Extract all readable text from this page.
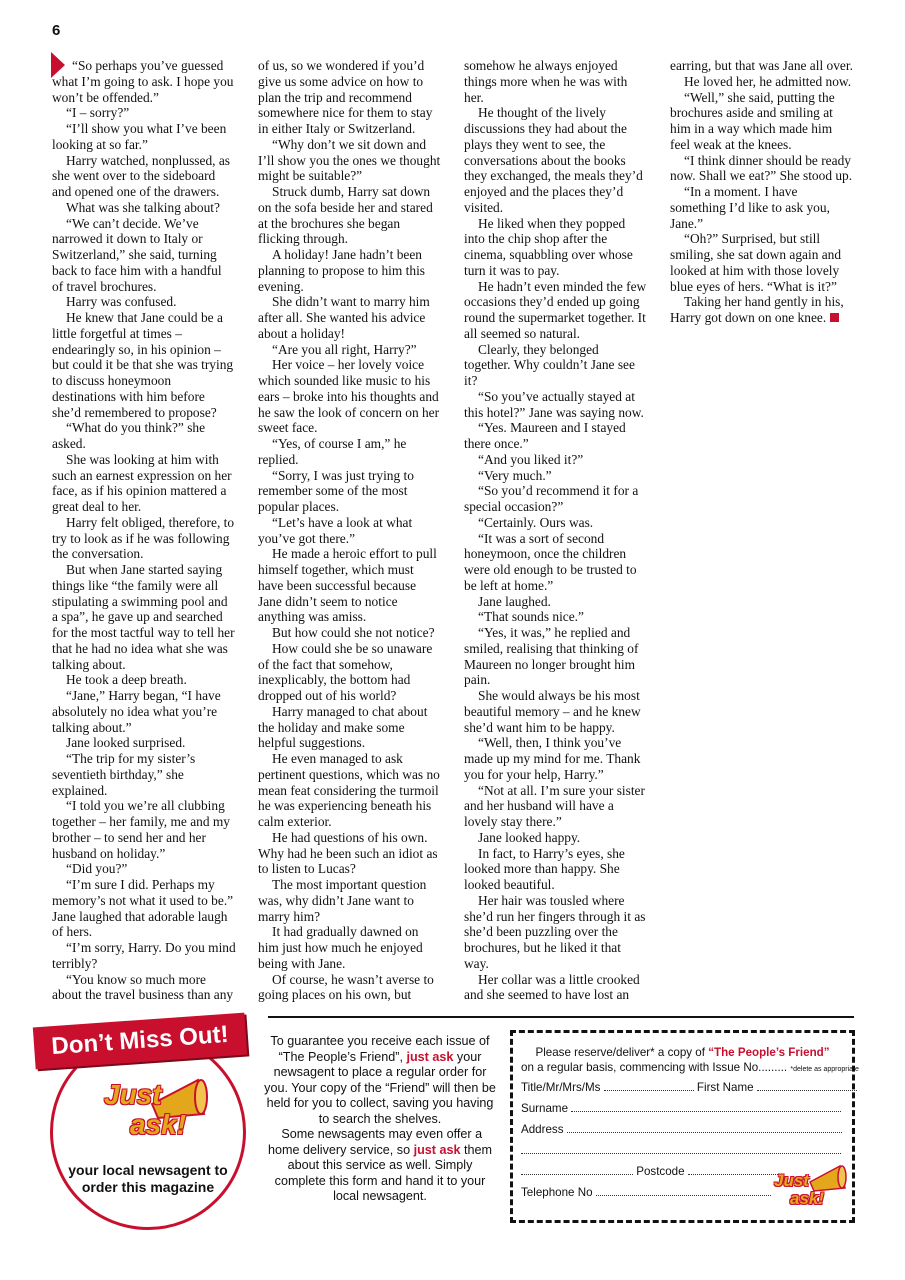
6

“So perhaps you’ve guessed what I’m going to ask. I hope you won’t be offended.”

“I – sorry?”

“I’ll show you what I’ve been looking at so far.”

Harry watched, nonplussed, as she went over to the sideboard and opened one of the drawers.

What was she talking about?

“We can’t decide. We’ve narrowed it down to Italy or Switzerland,” she said, turning back to face him with a handful of travel brochures.

Harry was confused.

He knew that Jane could be a little forgetful at times – endearingly so, in his opinion – but could it be that she was trying to discuss honeymoon destinations with him before she’d remembered to propose?

“What do you think?” she asked.

She was looking at him with such an earnest expression on her face, as if his opinion mattered a great deal to her.

Harry felt obliged, therefore, to try to look as if he was following the conversation.

But when Jane started saying things like “the family were all stipulating a swimming pool and a spa”, he gave up and searched for the most tactful way to tell her that he had no idea what she was talking about.

He took a deep breath.

“Jane,” Harry began, “I have absolutely no idea what you’re talking about.”

Jane looked surprised.

“The trip for my sister’s seventieth birthday,” she explained.

“I told you we’re all clubbing together – her family, me and my brother – to send her and her husband on holiday.”

“Did you?”

“I’m sure I did. Perhaps my memory’s not what it used to be.” Jane laughed that adorable laugh of hers.

“I’m sorry, Harry. Do you mind terribly?

“You know so much more about the travel business than any of us, so we wondered if you’d give us some advice on how to plan the trip and recommend somewhere nice for them to stay in either Italy or Switzerland.

“Why don’t we sit down and I’ll show you the ones we thought might be suitable?”

Struck dumb, Harry sat down on the sofa beside her and stared at the brochures she began flicking through.

A holiday! Jane hadn’t been planning to propose to him this evening.

She didn’t want to marry him after all. She wanted his advice about a holiday!

“Are you all right, Harry?”

Her voice – her lovely voice which sounded like music to his ears – broke into his thoughts and he saw the look of concern on her sweet face.

“Yes, of course I am,” he replied.

“Sorry, I was just trying to remember some of the most popular places.

“Let’s have a look at what you’ve got there.”

He made a heroic effort to pull himself together, which must have been successful because Jane didn’t seem to notice anything was amiss.

But how could she not notice?

How could she be so unaware of the fact that somehow, inexplicably, the bottom had dropped out of his world?

Harry managed to chat about the holiday and make some helpful suggestions.

He even managed to ask pertinent questions, which was no mean feat considering the turmoil he was experiencing beneath his calm exterior.

He had questions of his own. Why had he been such an idiot as to listen to Lucas?

The most important question was, why didn’t Jane want to marry him?

It had gradually dawned on him just how much he enjoyed being with Jane.

Of course, he wasn’t averse to going places on his own, but somehow he always enjoyed things more when he was with her.

He thought of the lively discussions they had about the plays they went to see, the conversations about the books they exchanged, the meals they’d enjoyed and the places they’d visited.

He liked when they popped into the chip shop after the cinema, squabbling over whose turn it was to pay.

He hadn’t even minded the few occasions they’d ended up going round the supermarket together. It all seemed so natural.

Clearly, they belonged together. Why couldn’t Jane see it?

“So you’ve actually stayed at this hotel?” Jane was saying now.

“Yes. Maureen and I stayed there once.”

“And you liked it?”

“Very much.”

“So you’d recommend it for a special occasion?”

“Certainly. Ours was.

“It was a sort of second honeymoon, once the children were old enough to be trusted to be left at home.”

Jane laughed.

“That sounds nice.”

“Yes, it was,” he replied and smiled, realising that thinking of Maureen no longer brought him pain.

She would always be his most beautiful memory – and he knew she’d want him to be happy.

“Well, then, I think you’ve made up my mind for me. Thank you for your help, Harry.”

“Not at all. I’m sure your sister and her husband will have a lovely stay there.”

Jane looked happy.

In fact, to Harry’s eyes, she looked more than happy. She looked beautiful.

Her hair was tousled where she’d run her fingers through it as she’d been puzzling over the brochures, but he liked it that way.

Her collar was a little crooked and she seemed to have lost an earring, but that was Jane all over.

He loved her, he admitted now.

“Well,” she said, putting the brochures aside and smiling at him in a way which made him feel weak at the knees.

“I think dinner should be ready now. Shall we eat?” She stood up.

“In a moment. I have something I’d like to ask you, Jane.”

“Oh?” Surprised, but still smiling, she sat down again and looked at him with those lovely blue eyes of hers. “What is it?”

Taking her hand gently in his, Harry got down on one knee.

Don’t Miss Out!
Just
ask!
your local newsagent to order this magazine

To guarantee you receive each issue of “The People’s Friend”, just ask your newsagent to place a regular order for you. Your copy of the “Friend” will then be held for you to collect, saving you having to search the shelves.

Some newsagents may even offer a home delivery service, so just ask them about this service as well. Simply complete this form and hand it to your local newsagent.

Please reserve/deliver* a copy of “The People’s Friend”
on a regular basis, commencing with Issue No......... *delete as appropriate
Title/Mr/Mrs/Ms	First Name
Surname
Address
Postcode
Telephone No
Just
ask!
